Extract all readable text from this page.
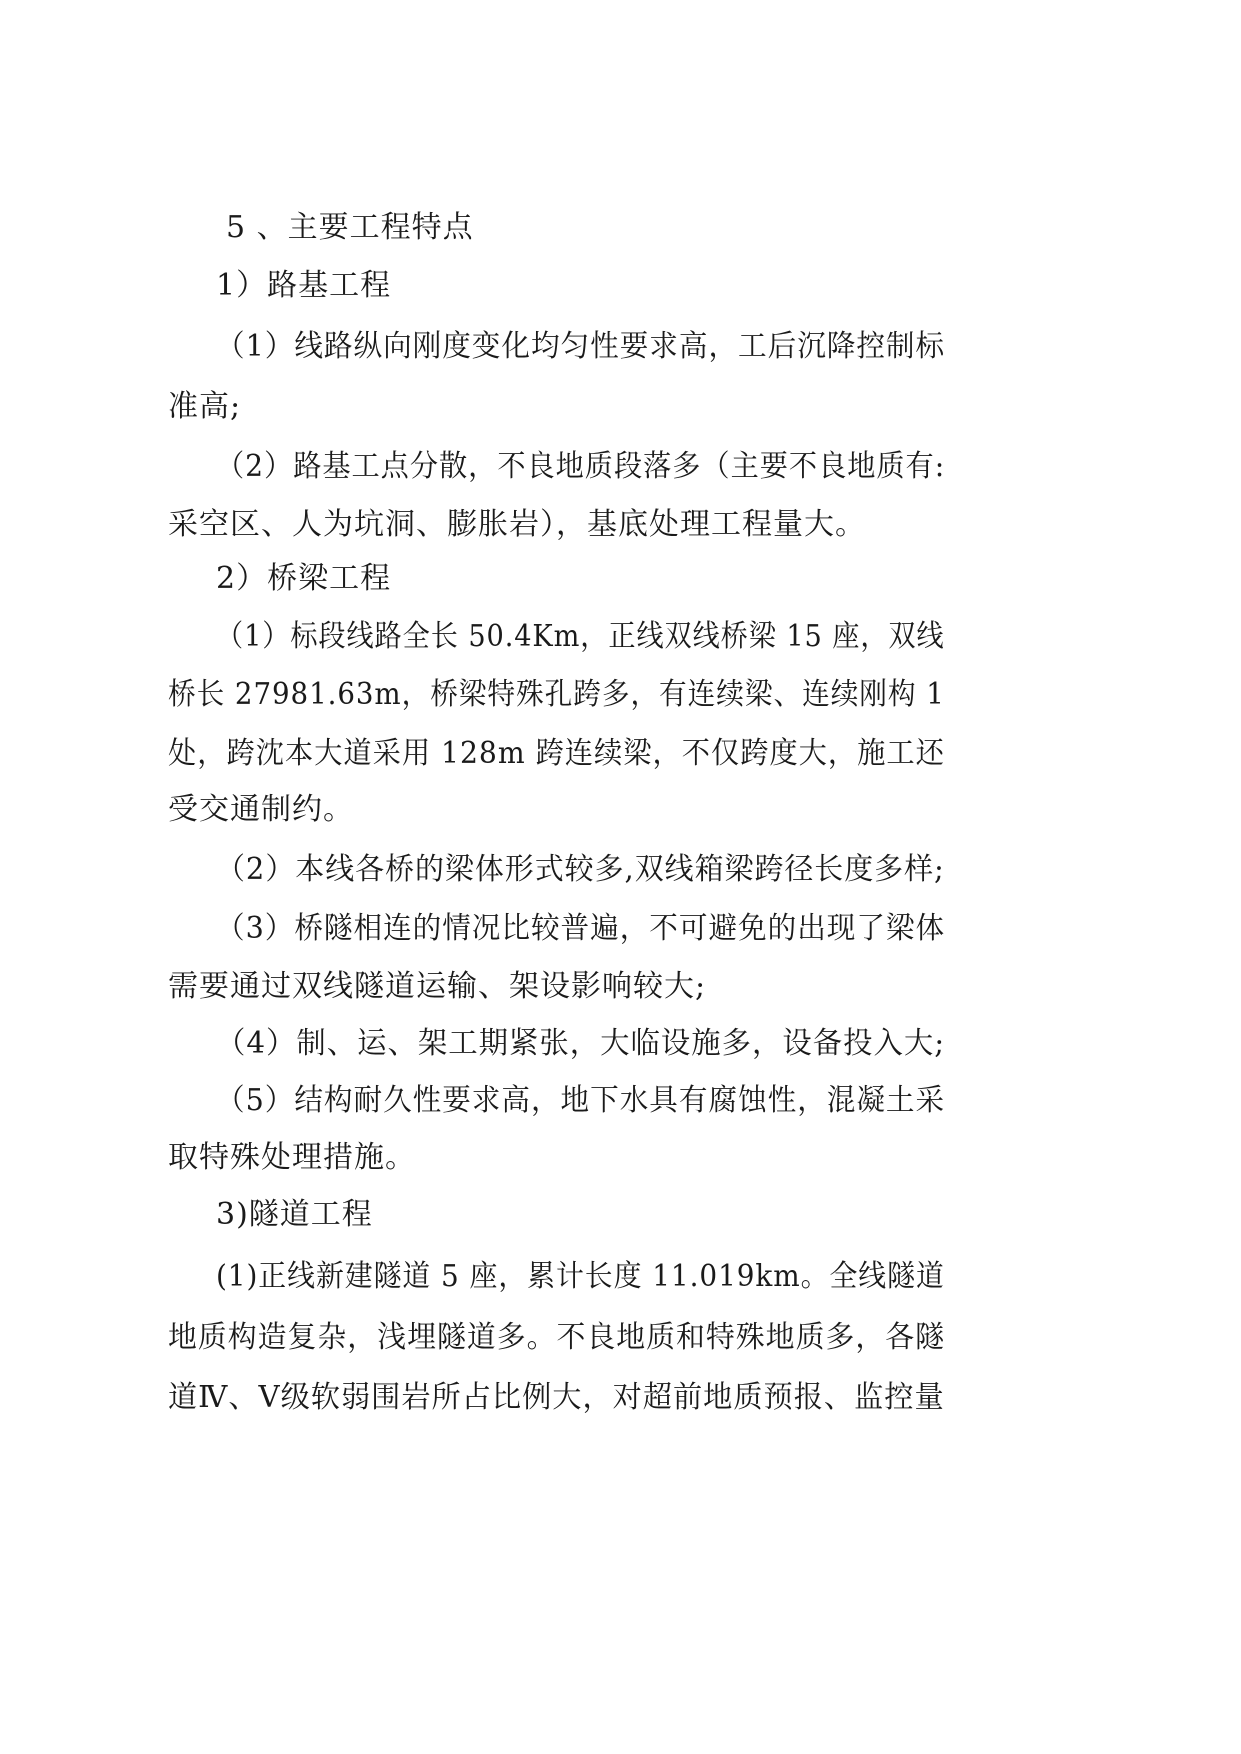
5 、主要工程特点
1）路基工程
（1）线路纵向刚度变化均匀性要求高，工后沉降控制标
准高;
（2）路基工点分散，不良地质段落多（主要不良地质有:
采空区、人为坑洞、膨胀岩），基底处理工程量大。
2）桥梁工程
（1）标段线路全长 50.4Km，正线双线桥梁 15 座，双线
桥长 27981.63m，桥梁特殊孔跨多，有连续梁、连续刚构 1
处，跨沈本大道采用 128m 跨连续梁，不仅跨度大，施工还
受交通制约。
（2）本线各桥的梁体形式较多,双线箱梁跨径长度多样;
（3）桥隧相连的情况比较普遍，不可避免的出现了梁体
需要通过双线隧道运输、架设影响较大;
（4）制、运、架工期紧张，大临设施多，设备投入大;
（5）结构耐久性要求高，地下水具有腐蚀性，混凝土采
取特殊处理措施。
3)隧道工程
(1)正线新建隧道 5 座，累计长度 11.019km。全线隧道
地质构造复杂，浅埋隧道多。不良地质和特殊地质多，各隧
道Ⅳ、Ⅴ级软弱围岩所占比例大，对超前地质预报、监控量
